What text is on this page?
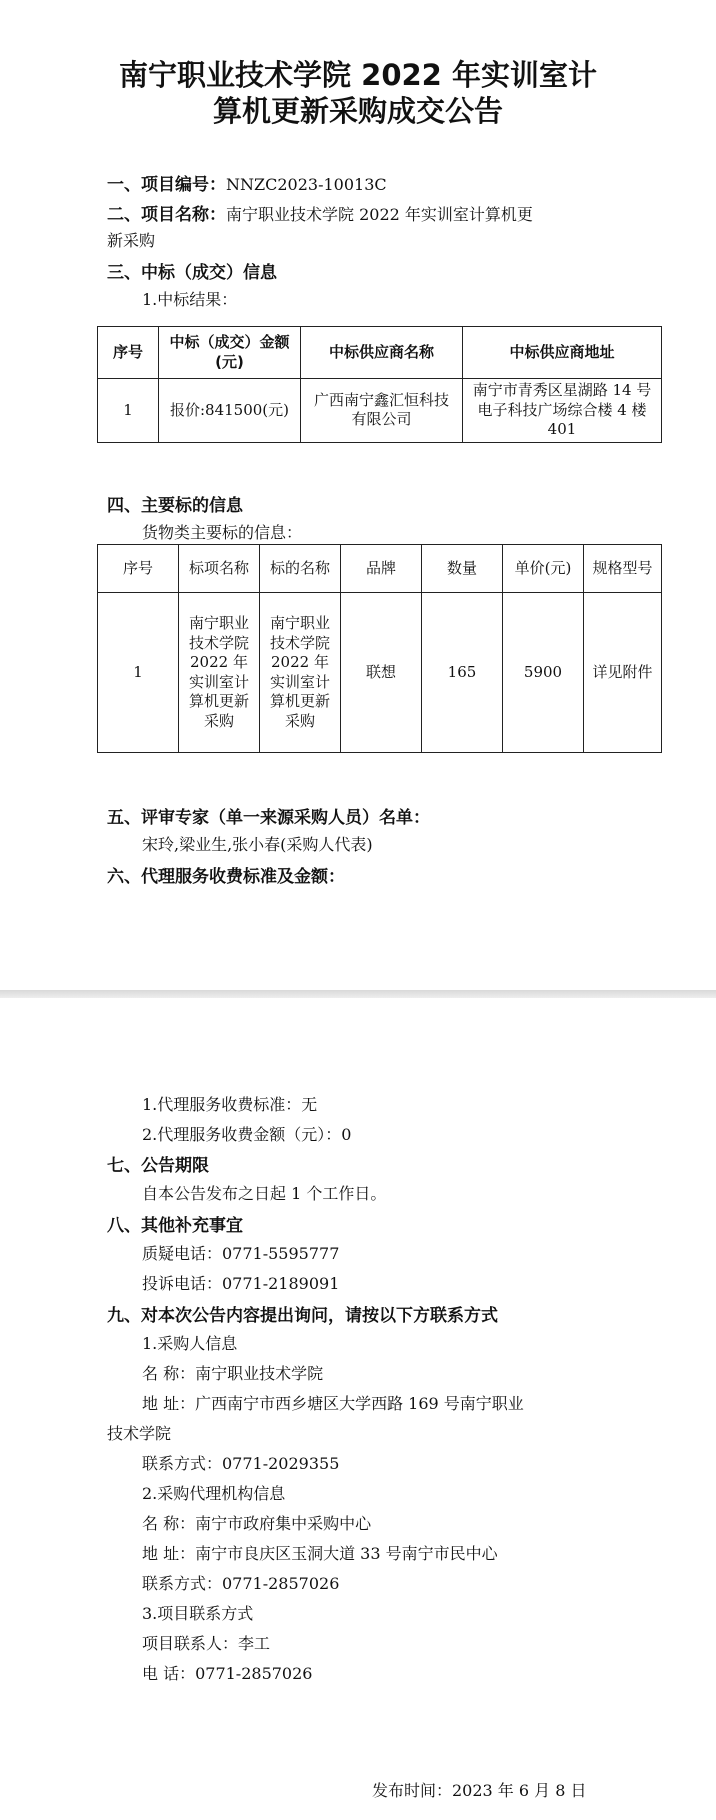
南宁职业技术学院 2022 年实训室计
算机更新采购成交公告
一、项目编号：NNZC2023-10013C
二、项目名称：南宁职业技术学院 2022 年实训室计算机更
新采购
三、中标（成交）信息
1.中标结果：
序号	中标（成交）金额(元)	中标供应商名称	中标供应商地址
1	报价:841500(元)	广西南宁鑫汇恒科技有限公司	南宁市青秀区星湖路 14 号电子科技广场综合楼 4 楼 401
四、主要标的信息
货物类主要标的信息：
序号	标项名称	标的名称	品牌	数量	单价(元)	规格型号
1	南宁职业技术学院 2022 年实训室计算机更新采购	南宁职业技术学院 2022 年实训室计算机更新采购	联想	165	5900	详见附件
五、评审专家（单一来源采购人员）名单：
宋玲,梁业生,张小春(采购人代表)
六、代理服务收费标准及金额：
1.代理服务收费标准：无
2.代理服务收费金额（元）：0
七、公告期限
自本公告发布之日起 1 个工作日。
八、其他补充事宜
质疑电话：0771-5595777
投诉电话：0771-2189091
九、对本次公告内容提出询问，请按以下方联系方式
1.采购人信息
名 称：南宁职业技术学院
地 址：广西南宁市西乡塘区大学西路 169 号南宁职业
技术学院
联系方式：0771-2029355
2.采购代理机构信息
名 称：南宁市政府集中采购中心
地 址：南宁市良庆区玉洞大道 33 号南宁市民中心
联系方式：0771-2857026
3.项目联系方式
项目联系人：李工
电 话：0771-2857026
发布时间：2023 年 6 月 8 日
